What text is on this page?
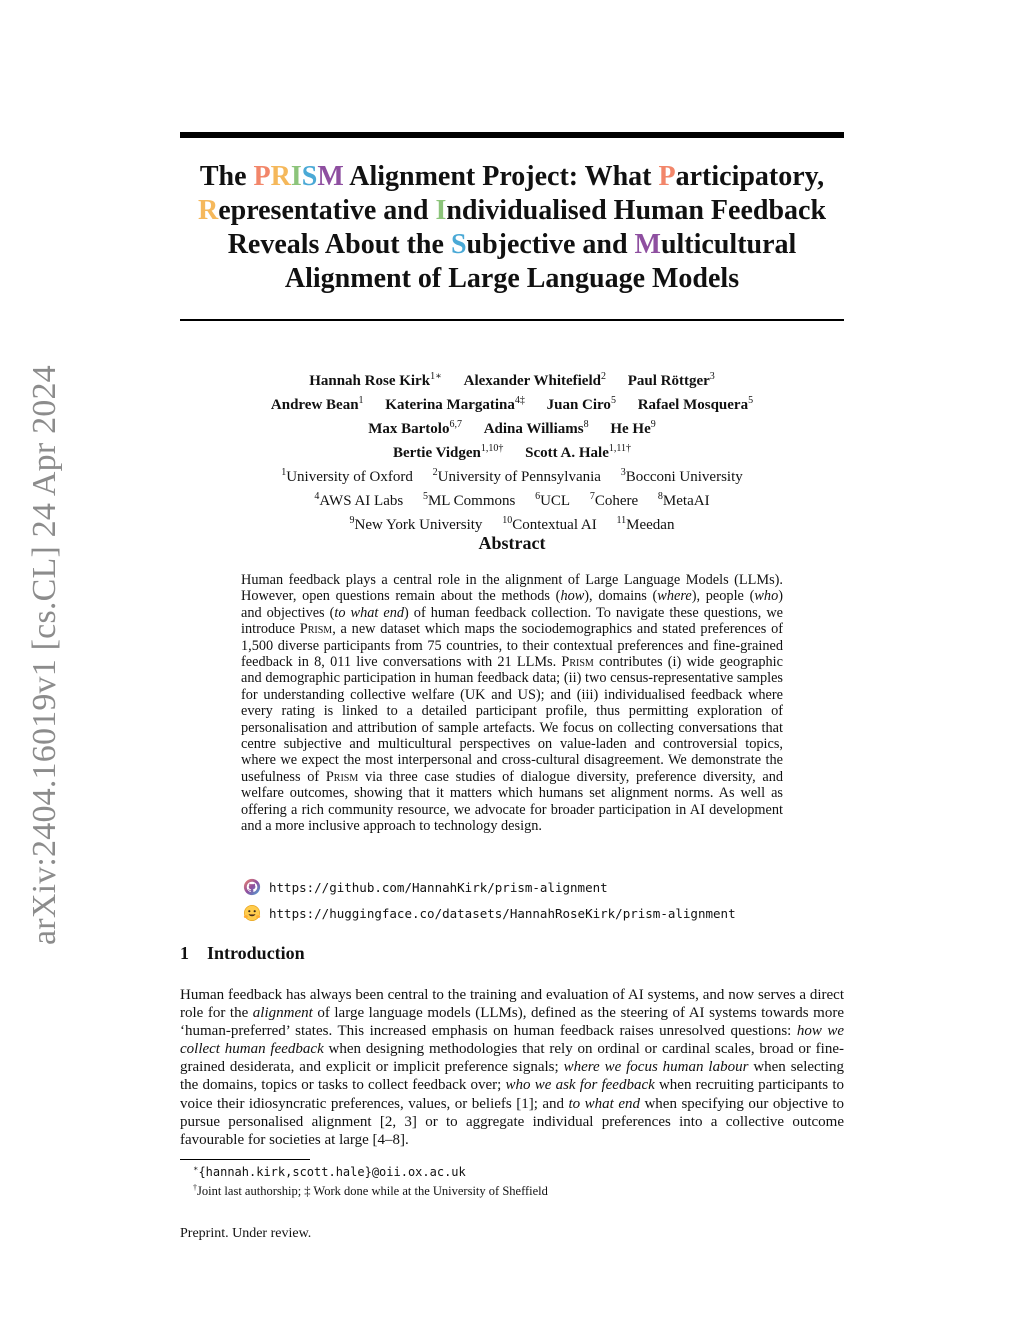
arXiv:2404.16019v1 [cs.CL] 24 Apr 2024
The PRISM Alignment Project: What Participatory,
Representative and Individualised Human Feedback
Reveals About the Subjective and Multicultural
Alignment of Large Language Models
Hannah Rose Kirk$^{1∗}$ Alexander Whitefield$^2$ Paul Röttger$^3$
Andrew Bean$^1$ Katerina Margatina$^{4\ddagger}$ Juan Ciro$^5$ Rafael Mosquera$^5$
Max Bartolo$^{6,7}$ Adina Williams$^8$ He He$^9$
Bertie Vidgen$^{1,10\dagger}$ Scott A. Hale$^{1,11\dagger}$
$^1$University of Oxford $^2$University of Pennsylvania $^3$Bocconi University
$^4$AWS AI Labs $^5$ML Commons $^6$UCL $^7$Cohere $^8$MetaAI
$^9$New York University $^{10}$Contextual AI $^{11}$Meedan
Abstract

Human feedback plays a central role in the alignment of Large Language Models (LLMs). However, open questions remain about the methods (how), domains (where), people (who) and objectives (to what end) of human feedback collection. To navigate these questions, we introduce Prism, a new dataset which maps the sociodemographics and stated preferences of 1,500 diverse participants from 75 countries, to their contextual preferences and fine-grained feedback in 8, 011 live conversations with 21 LLMs. Prism contributes (i) wide geographic and demographic participation in human feedback data; (ii) two census-representative samples for understanding collective welfare (UK and US); and (iii) individualised feedback where every rating is linked to a detailed participant profile, thus permitting exploration of personalisation and attribution of sample artefacts. We focus on collecting conversations that centre subjective and multicultural perspectives on value-laden and controversial topics, where we expect the most interpersonal and cross-cultural disagreement. We demonstrate the usefulness of Prism via three case studies of dialogue diversity, preference diversity, and welfare outcomes, showing that it matters which humans set alignment norms. As well as offering a rich community resource, we advocate for broader participation in AI development and a more inclusive approach to technology design.

https://github.com/HannahKirk/prism-alignment
https://huggingface.co/datasets/HannahRoseKirk/prism-alignment
1 Introduction

Human feedback has always been central to the training and evaluation of AI systems, and now serves a direct role for the alignment of large language models (LLMs), defined as the steering of AI systems towards more ‘human-preferred’ states. This increased emphasis on human feedback raises unresolved questions: how we collect human feedback when designing methodologies that rely on ordinal or cardinal scales, broad or fine-grained desiderata, and explicit or implicit preference signals; where we focus human labour when selecting the domains, topics or tasks to collect feedback over; who we ask for feedback when recruiting participants to voice their idiosyncratic preferences, values, or beliefs [1]; and to what end when specifying our objective to pursue personalised alignment [2, 3] or to aggregate individual preferences into a collective outcome favourable for societies at large [4–8].

∗{hannah.kirk,scott.hale}@oii.ox.ac.uk
†Joint last authorship; ‡ Work done while at the University of Sheffield
Preprint. Under review.
